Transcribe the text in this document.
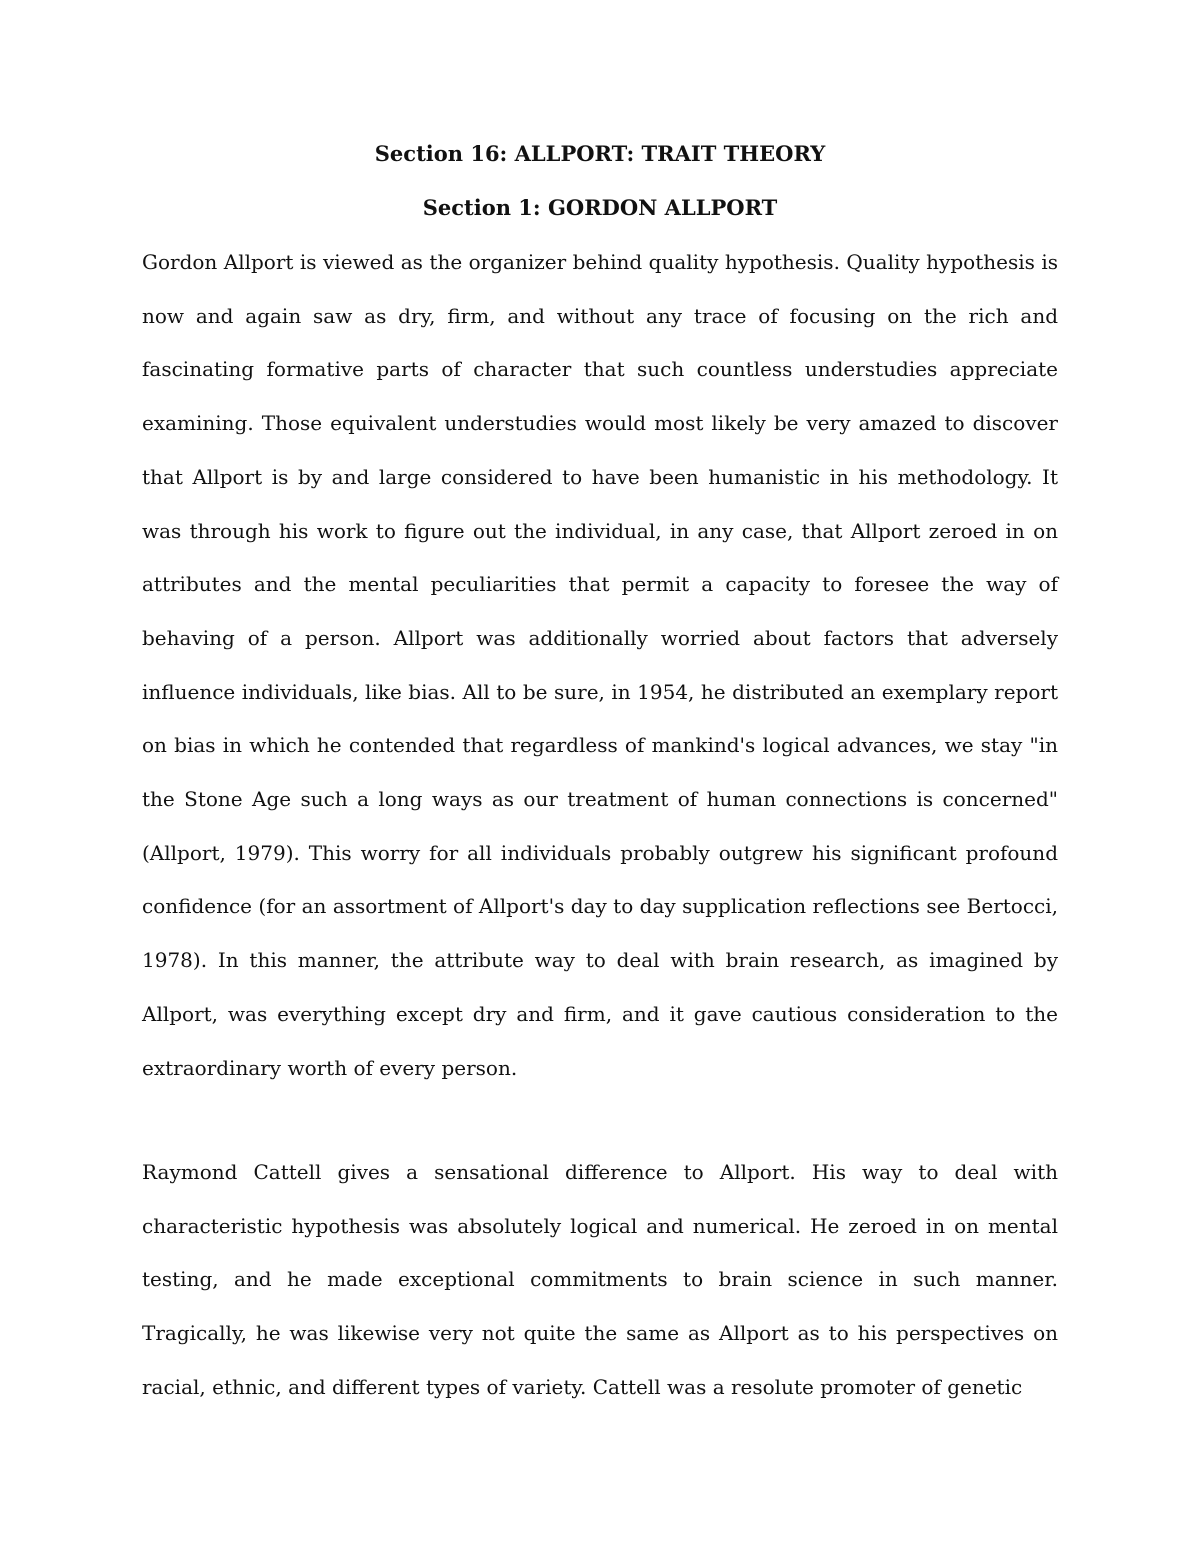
Section 16: ALLPORT: TRAIT THEORY
Section 1: GORDON ALLPORT

Gordon Allport is viewed as the organizer behind quality hypothesis. Quality hypothesis is now and again saw as dry, firm, and without any trace of focusing on the rich and fascinating formative parts of character that such countless understudies appreciate examining. Those equivalent understudies would most likely be very amazed to discover that Allport is by and large considered to have been humanistic in his methodology. It was through his work to figure out the individual, in any case, that Allport zeroed in on attributes and the mental peculiarities that permit a capacity to foresee the way of behaving of a person. Allport was additionally worried about factors that adversely influence individuals, like bias. All to be sure, in 1954, he distributed an exemplary report on bias in which he contended that regardless of mankind's logical advances, we stay "in the Stone Age such a long ways as our treatment of human connections is concerned" (Allport, 1979). This worry for all individuals probably outgrew his significant profound confidence (for an assortment of Allport's day to day supplication reflections see Bertocci, 1978). In this manner, the attribute way to deal with brain research, as imagined by Allport, was everything except dry and firm, and it gave cautious consideration to the extraordinary worth of every person.

Raymond Cattell gives a sensational difference to Allport. His way to deal with characteristic hypothesis was absolutely logical and numerical. He zeroed in on mental testing, and he made exceptional commitments to brain science in such manner. Tragically, he was likewise very not quite the same as Allport as to his perspectives on racial, ethnic, and different types of variety. Cattell was a resolute promoter of genetic
